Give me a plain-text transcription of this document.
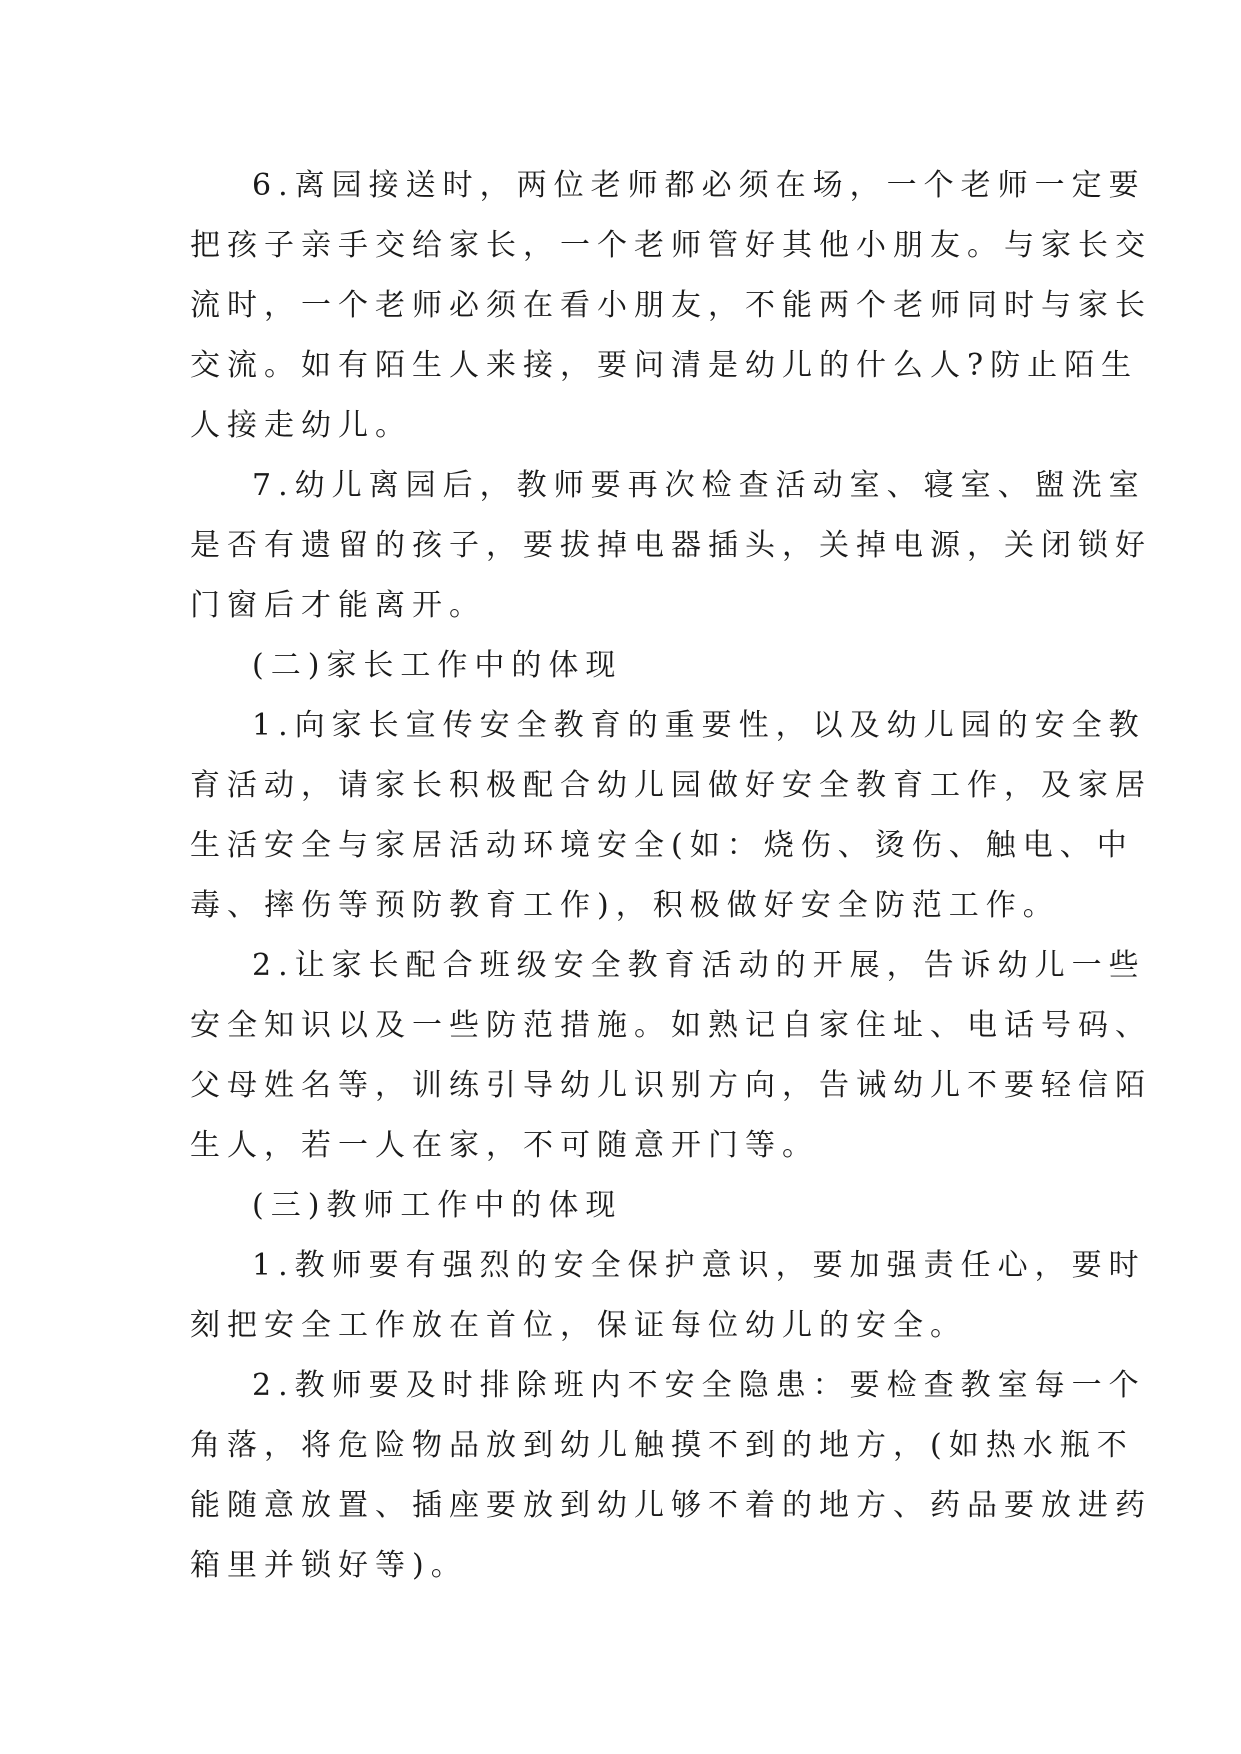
6.离园接送时，两位老师都必须在场，一个老师一定要
把孩子亲手交给家长，一个老师管好其他小朋友。与家长交
流时，一个老师必须在看小朋友，不能两个老师同时与家长
交流。如有陌生人来接，要问清是幼儿的什么人?防止陌生
人接走幼儿。
7.幼儿离园后，教师要再次检查活动室、寝室、盥洗室
是否有遗留的孩子，要拔掉电器插头，关掉电源，关闭锁好
门窗后才能离开。
(二)家长工作中的体现
1.向家长宣传安全教育的重要性，以及幼儿园的安全教
育活动，请家长积极配合幼儿园做好安全教育工作，及家居
生活安全与家居活动环境安全(如：烧伤、烫伤、触电、中
毒、摔伤等预防教育工作)，积极做好安全防范工作。
2.让家长配合班级安全教育活动的开展，告诉幼儿一些
安全知识以及一些防范措施。如熟记自家住址、电话号码、
父母姓名等，训练引导幼儿识别方向，告诫幼儿不要轻信陌
生人，若一人在家，不可随意开门等。
(三)教师工作中的体现
1.教师要有强烈的安全保护意识，要加强责任心，要时
刻把安全工作放在首位，保证每位幼儿的安全。
2.教师要及时排除班内不安全隐患：要检查教室每一个
角落，将危险物品放到幼儿触摸不到的地方，(如热水瓶不
能随意放置、插座要放到幼儿够不着的地方、药品要放进药
箱里并锁好等)。
